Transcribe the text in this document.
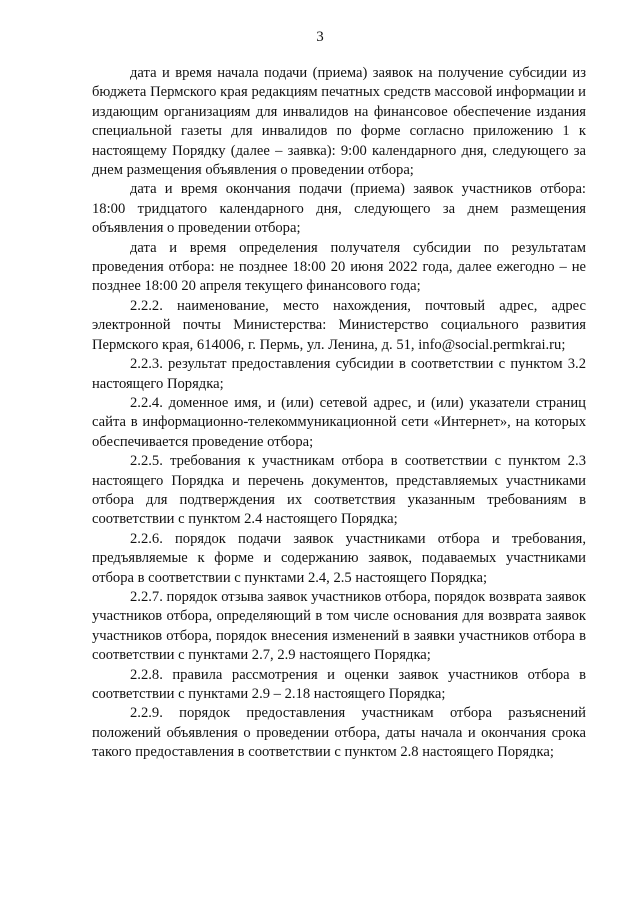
3

дата и время начала подачи (приема) заявок на получение субсидии из бюджета Пермского края редакциям печатных средств массовой информации и издающим организациям для инвалидов на финансовое обеспечение издания специальной газеты для инвалидов по форме согласно приложению 1 к настоящему Порядку (далее – заявка): 9:00 календарного дня, следующего за днем размещения объявления о проведении отбора;

дата и время окончания подачи (приема) заявок участников отбора: 18:00 тридцатого календарного дня, следующего за днем размещения объявления о проведении отбора;

дата и время определения получателя субсидии по результатам проведения отбора: не позднее 18:00 20 июня 2022 года, далее ежегодно – не позднее 18:00 20 апреля текущего финансового года;

2.2.2. наименование, место нахождения, почтовый адрес, адрес электронной почты Министерства: Министерство социального развития Пермского края, 614006, г. Пермь, ул. Ленина, д. 51, info@social.permkrai.ru;

2.2.3. результат предоставления субсидии в соответствии с пунктом 3.2 настоящего Порядка;

2.2.4. доменное имя, и (или) сетевой адрес, и (или) указатели страниц сайта в информационно-телекоммуникационной сети «Интернет», на которых обеспечивается проведение отбора;

2.2.5. требования к участникам отбора в соответствии с пунктом 2.3 настоящего Порядка и перечень документов, представляемых участниками отбора для подтверждения их соответствия указанным требованиям в соответствии с пунктом 2.4 настоящего Порядка;

2.2.6. порядок подачи заявок участниками отбора и требования, предъявляемые к форме и содержанию заявок, подаваемых участниками отбора в соответствии с пунктами 2.4, 2.5 настоящего Порядка;

2.2.7. порядок отзыва заявок участников отбора, порядок возврата заявок участников отбора, определяющий в том числе основания для возврата заявок участников отбора, порядок внесения изменений в заявки участников отбора в соответствии с пунктами 2.7, 2.9 настоящего Порядка;

2.2.8. правила рассмотрения и оценки заявок участников отбора в соответствии с пунктами 2.9 – 2.18 настоящего Порядка;

2.2.9. порядок предоставления участникам отбора разъяснений положений объявления о проведении отбора, даты начала и окончания срока такого предоставления в соответствии с пунктом 2.8 настоящего Порядка;
